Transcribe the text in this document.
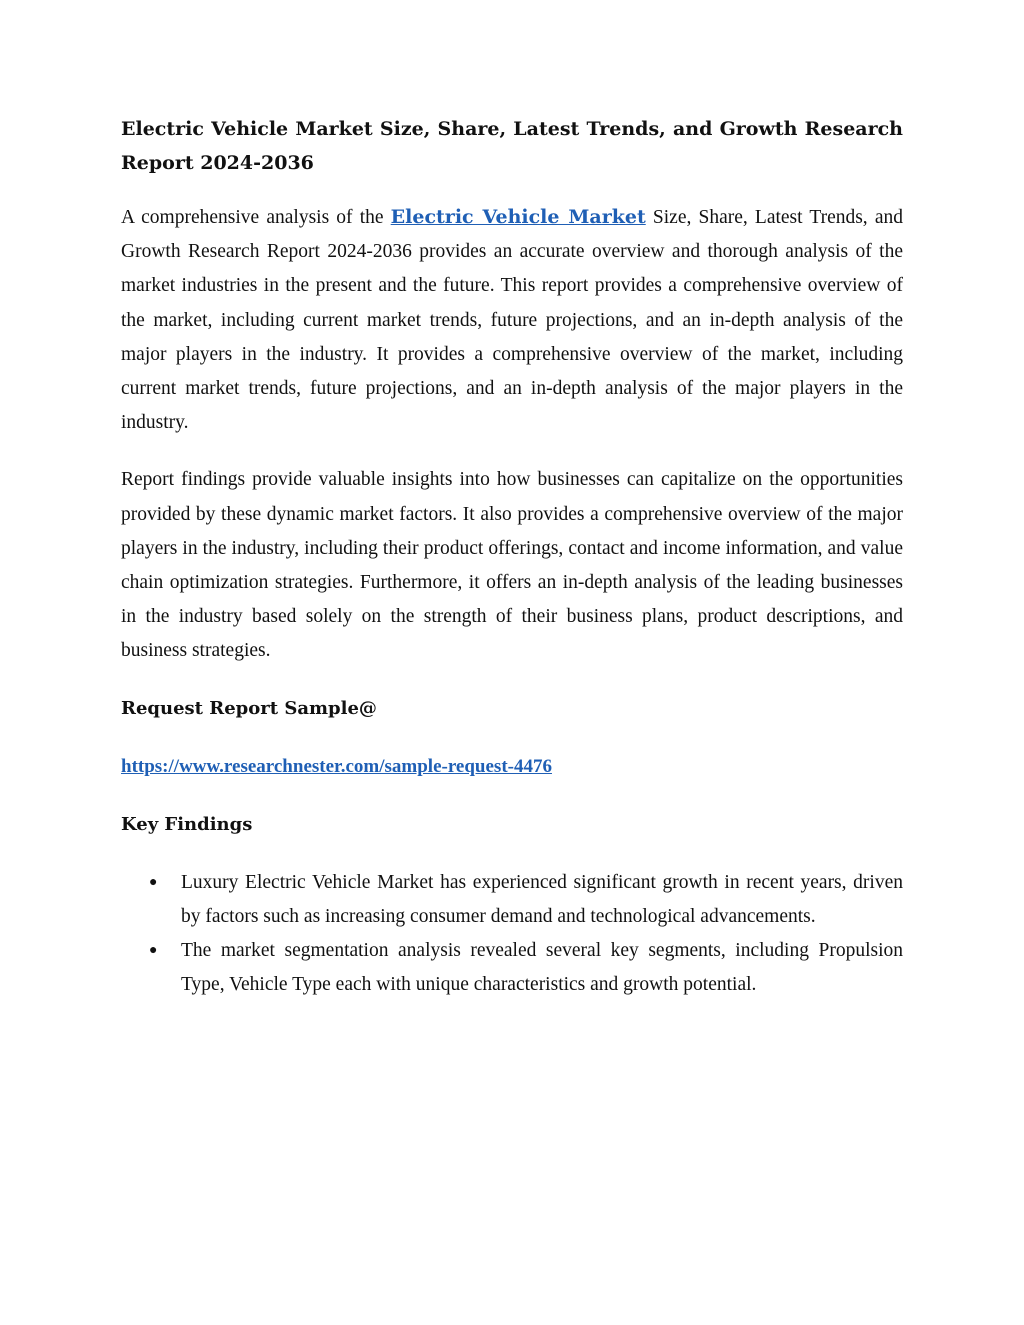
Electric Vehicle Market Size, Share, Latest Trends, and Growth Research Report 2024-2036

A comprehensive analysis of the Electric Vehicle Market Size, Share, Latest Trends, and Growth Research Report 2024-2036 provides an accurate overview and thorough analysis of the market industries in the present and the future. This report provides a comprehensive overview of the market, including current market trends, future projections, and an in-depth analysis of the major players in the industry. It provides a comprehensive overview of the market, including current market trends, future projections, and an in-depth analysis of the major players in the industry.

Report findings provide valuable insights into how businesses can capitalize on the opportunities provided by these dynamic market factors. It also provides a comprehensive overview of the major players in the industry, including their product offerings, contact and income information, and value chain optimization strategies. Furthermore, it offers an in-depth analysis of the leading businesses in the industry based solely on the strength of their business plans, product descriptions, and business strategies.

Request Report Sample@
https://www.researchnester.com/sample-request-4476
Key Findings
● Luxury Electric Vehicle Market has experienced significant growth in recent years, driven by factors such as increasing consumer demand and technological advancements.
● The market segmentation analysis revealed several key segments, including Propulsion Type, Vehicle Type each with unique characteristics and growth potential.
